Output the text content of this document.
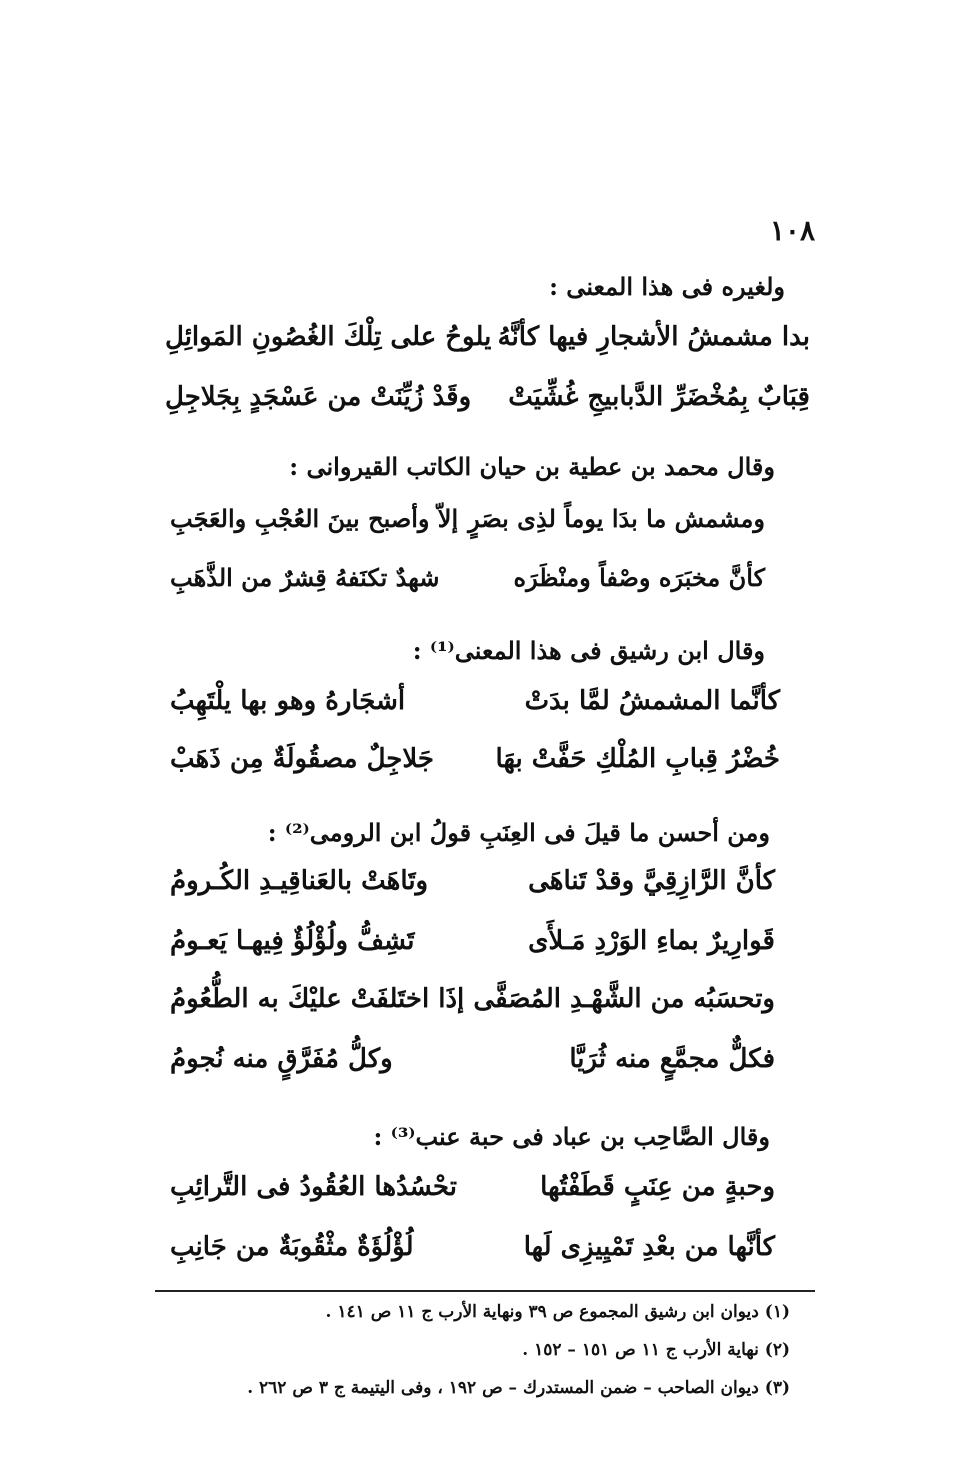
١٠٨
ولغيره فى هذا المعنى :
بدا مشمشُ الأشجارِ فيها كأنَّهُ
يلوحُ على تِلْكَ الغُصُونِ المَوائِلِ
قِبَابٌ بِمُخْضَرِّ الدَّبابيجِ غُشِّيَتْ
وقَدْ زُيِّنَتْ من عَسْجَدٍ بِجَلاجِلِ
وقال محمد بن عطية بن حيان الكاتب القيروانى :
ومشمش ما بدَا يوماً لذِى بصَرٍ
إلاّ وأصبح بينَ العُجْبِ والعَجَبِ
كأنَّ مخبَرَه وصْفاً ومنْظَرَه
شهدٌ تكنَفهُ قِشرٌ من الذَّهَبِ
وقال ابن رشيق فى هذا المعنى⁽¹⁾ :
كأنَّما المشمشُ لمَّا بدَتْ
أشجَارهُ وهو بها يلْتَهِبُ
خُضْرُ قِبابِ المُلْكِ حَفَّتْ بهَا
جَلاجِلٌ مصقُولَةٌ مِن ذَهَبْ
ومن أحسن ما قيلَ فى العِنَبِ قولُ ابن الرومى⁽²⁾ :
كأنَّ الرَّازِقِيَّ وقدْ تَناهَى
وتَاهَتْ بالعَناقِيـدِ الكُـرومُ
قَوارِيرٌ بماءِ الوَرْدِ مَـلأَى
تَشِفُّ ولُؤْلُؤٌ فِيهـا يَعـومُ
وتحسَبُه من الشَّهْـدِ المُصَفَّى
إذَا اختَلفَتْ عليْكَ به الطُّعُومُ
فكلٌّ مجمَّعٍ منه ثُرَيَّا
وكلُّ مُفَرَّقٍ منه نُجومُ
وقال الصَّاحِب بن عباد فى حبة عنب⁽³⁾ :
وحبةٍ من عِنَبٍ قَطَفْتُها
تحْسُدُها العُقُودُ فى التَّرائِبِ
كأنَّها من بعْدِ تَمْيِيزِى لَها
لُؤْلُؤَةٌ مثْقُوبَةٌ من جَانِبِ
(١) ديوان ابن رشيق المجموع ص ٣٩ ونهاية الأرب ج ١١ ص ١٤١ .
(٢) نهاية الأرب ج ١١ ص ١٥١ – ١٥٢ .
(٣) ديوان الصاحب – ضمن المستدرك – ص ١٩٢ ، وفى اليتيمة ج ٣ ص ٢٦٢ .
